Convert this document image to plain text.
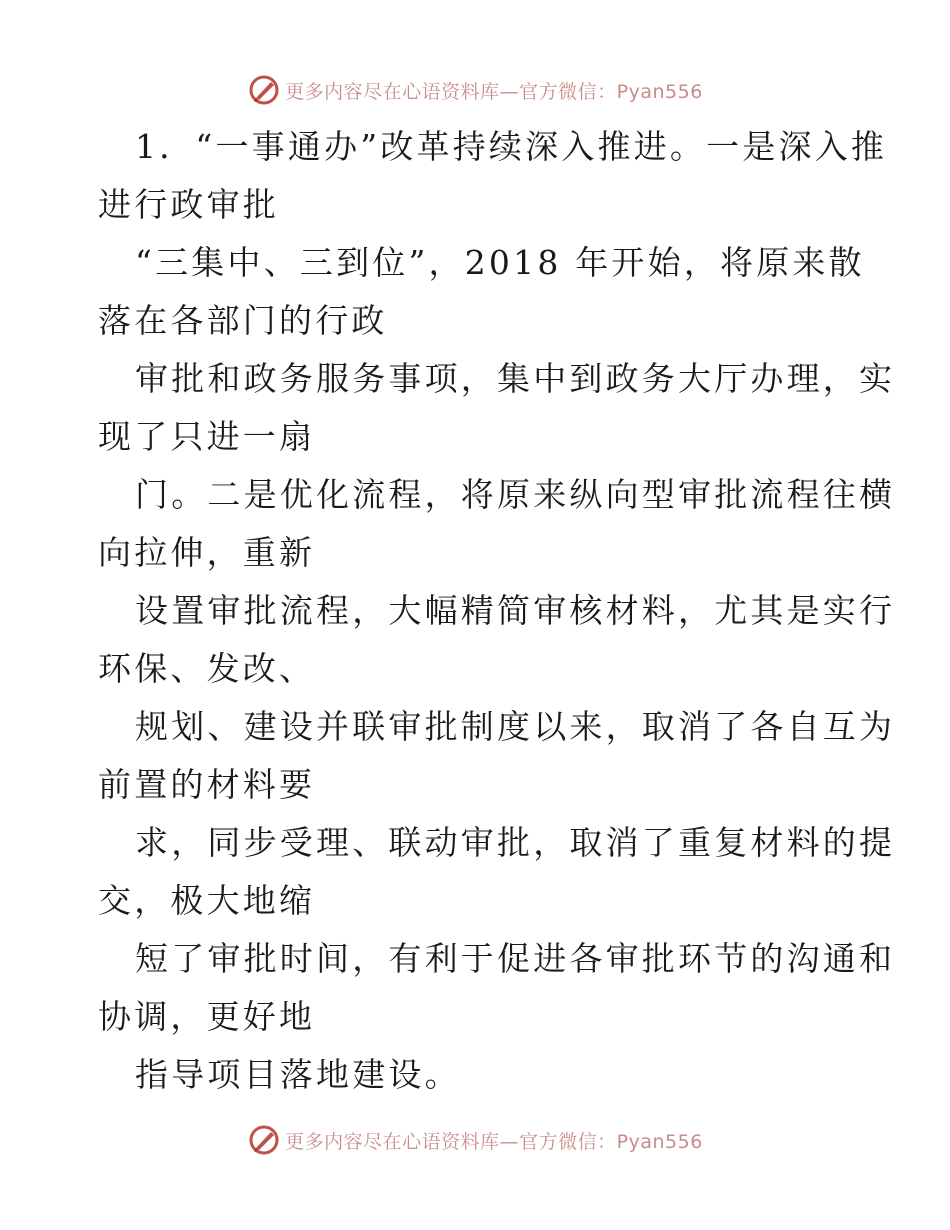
更多内容尽在心语资料库—官方微信：Pyan556

1．“一事通办”改革持续深入推进。一是深入推

进行政审批

“三集中、三到位”，2018 年开始，将原来散

落在各部门的行政

审批和政务服务事项，集中到政务大厅办理，实

现了只进一扇

门。二是优化流程，将原来纵向型审批流程往横

向拉伸，重新

设置审批流程，大幅精简审核材料，尤其是实行

环保、发改、

规划、建设并联审批制度以来，取消了各自互为

前置的材料要

求，同步受理、联动审批，取消了重复材料的提

交，极大地缩

短了审批时间，有利于促进各审批环节的沟通和

协调，更好地

指导项目落地建设。

更多内容尽在心语资料库—官方微信：Pyan556
